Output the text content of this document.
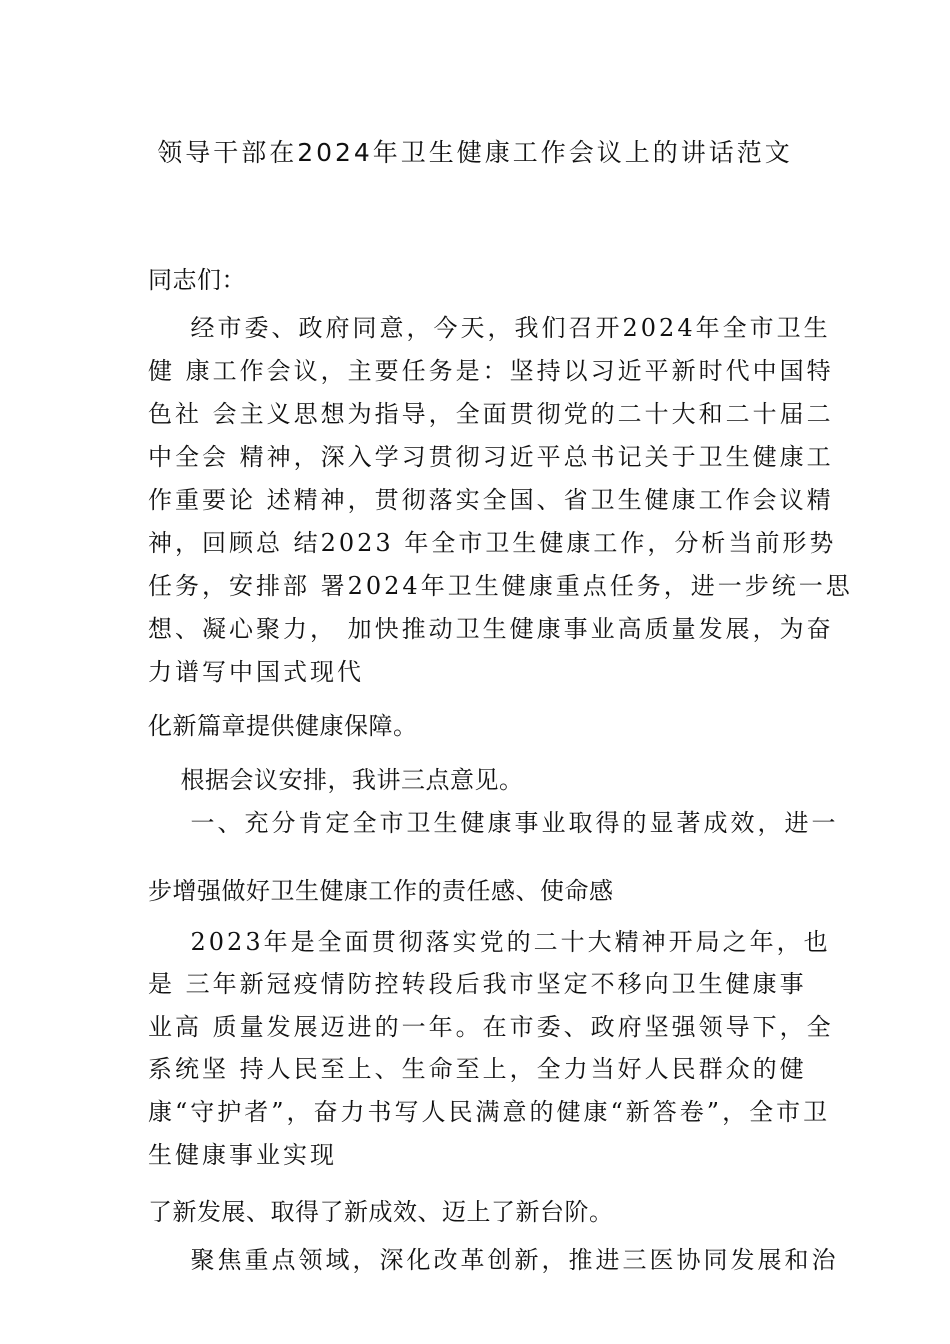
领导干部在2024年卫生健康工作会议上的讲话范文
同志们：
经市委、政府同意，今天，我们召开2024年全市卫生
健 康工作会议，主要任务是：坚持以习近平新时代中国特
色社 会主义思想为指导，全面贯彻党的二十大和二十届二
中全会 精神，深入学习贯彻习近平总书记关于卫生健康工
作重要论 述精神，贯彻落实全国、省卫生健康工作会议精
神，回顾总 结2023 年全市卫生健康工作，分析当前形势
任务，安排部 署2024年卫生健康重点任务，进一步统一思
想、凝心聚力， 加快推动卫生健康事业高质量发展，为奋
力谱写中国式现代
化新篇章提供健康保障。
根据会议安排，我讲三点意见。
一、充分肯定全市卫生健康事业取得的显著成效，进一
步增强做好卫生健康工作的责任感、使命感
2023年是全面贯彻落实党的二十大精神开局之年，也
是 三年新冠疫情防控转段后我市坚定不移向卫生健康事
业高 质量发展迈进的一年。在市委、政府坚强领导下，全
系统坚 持人民至上、生命至上，全力当好人民群众的健
康“守护者”，奋力书写人民满意的健康“新答卷”，全市卫
生健康事业实现
了新发展、取得了新成效、迈上了新台阶。
聚焦重点领域，深化改革创新，推进三医协同发展和治
